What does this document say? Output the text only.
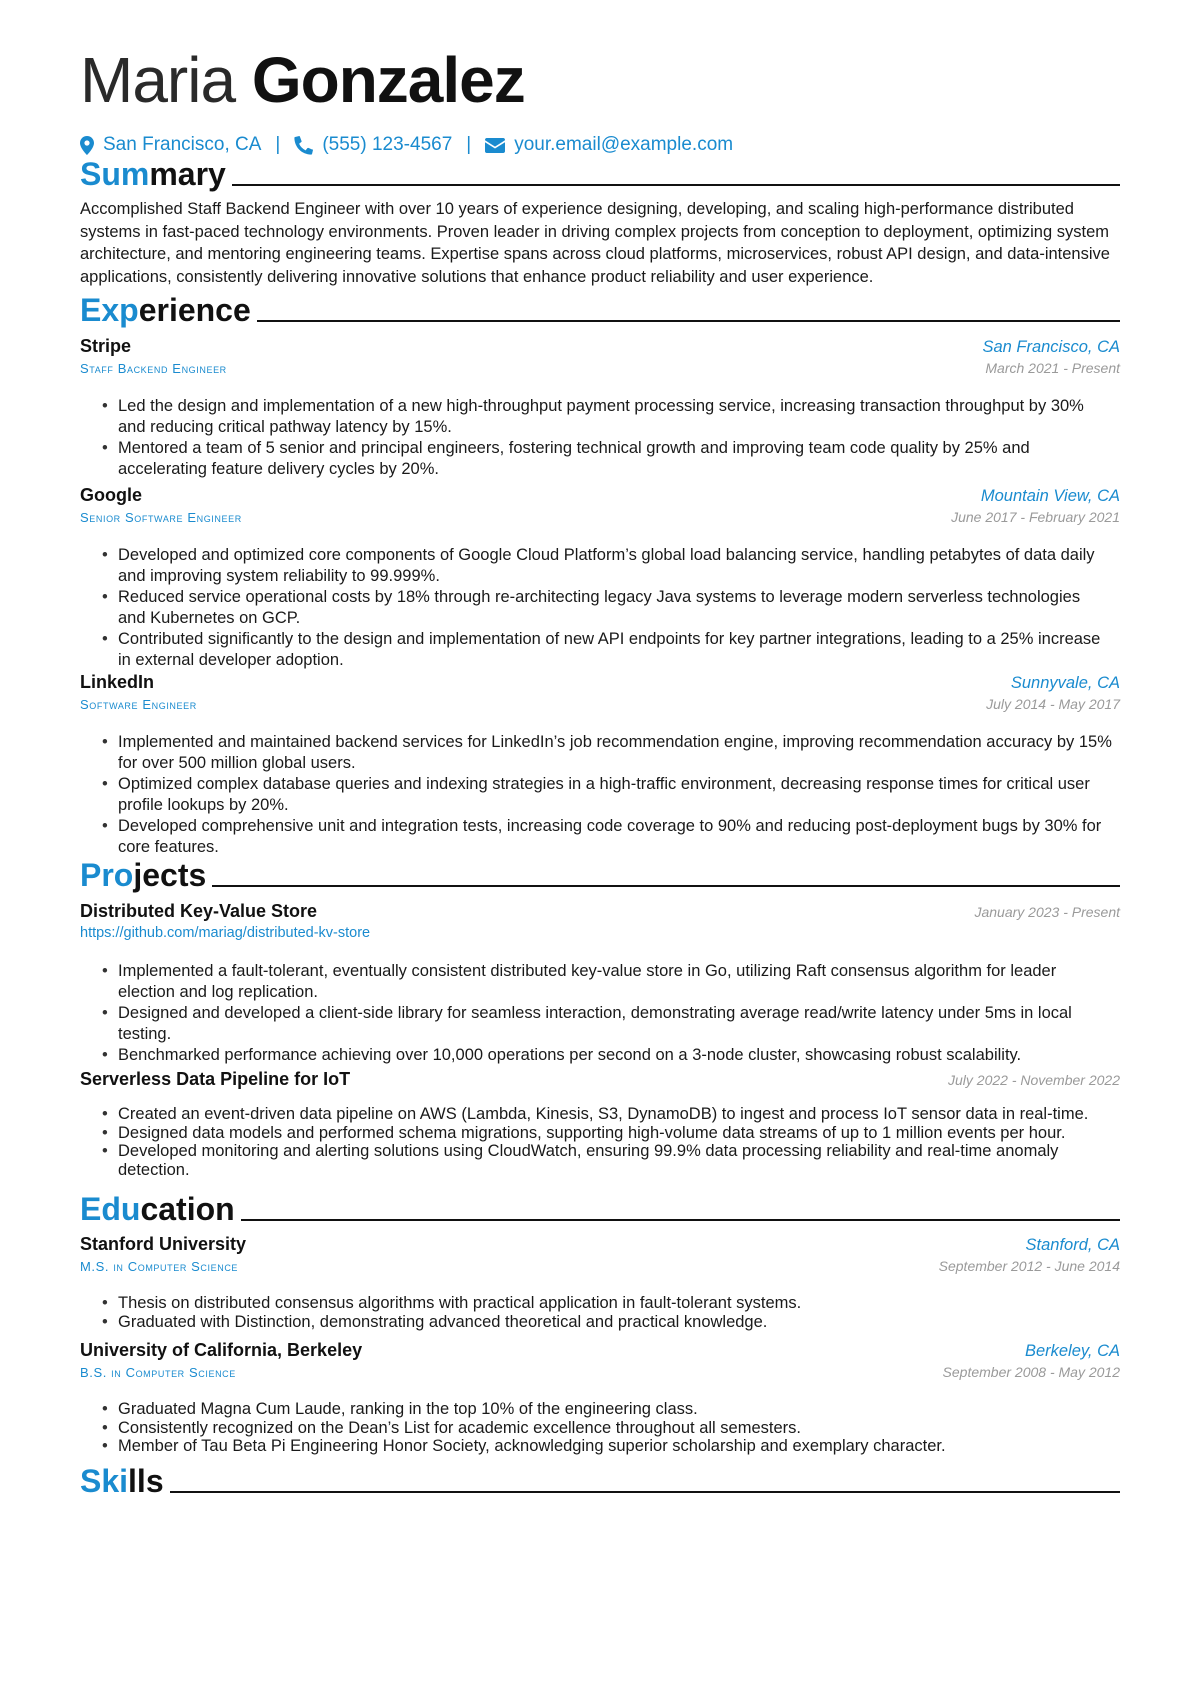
Maria Gonzalez
San Francisco, CA | (555) 123-4567 | your.email@example.com
Summary
Accomplished Staff Backend Engineer with over 10 years of experience designing, developing, and scaling high-performance distributed systems in fast-paced technology environments. Proven leader in driving complex projects from conception to deployment, optimizing system architecture, and mentoring engineering teams. Expertise spans across cloud platforms, microservices, robust API design, and data-intensive applications, consistently delivering innovative solutions that enhance product reliability and user experience.
Experience
Stripe	San Francisco, CA
Staff Backend Engineer	March 2021 - Present
• Led the design and implementation of a new high-throughput payment processing service, increasing transaction throughput by 30% and reducing critical pathway latency by 15%.
• Mentored a team of 5 senior and principal engineers, fostering technical growth and improving team code quality by 25% and accelerating feature delivery cycles by 20%.
Google	Mountain View, CA
Senior Software Engineer	June 2017 - February 2021
• Developed and optimized core components of Google Cloud Platform’s global load balancing service, handling petabytes of data daily and improving system reliability to 99.999%.
• Reduced service operational costs by 18% through re-architecting legacy Java systems to leverage modern serverless technologies and Kubernetes on GCP.
• Contributed significantly to the design and implementation of new API endpoints for key partner integrations, leading to a 25% increase in external developer adoption.
LinkedIn	Sunnyvale, CA
Software Engineer	July 2014 - May 2017
• Implemented and maintained backend services for LinkedIn’s job recommendation engine, improving recommendation accuracy by 15% for over 500 million global users.
• Optimized complex database queries and indexing strategies in a high-traffic environment, decreasing response times for critical user profile lookups by 20%.
• Developed comprehensive unit and integration tests, increasing code coverage to 90% and reducing post-deployment bugs by 30% for core features.
Projects
Distributed Key-Value Store	January 2023 - Present
https://github.com/mariag/distributed-kv-store
• Implemented a fault-tolerant, eventually consistent distributed key-value store in Go, utilizing Raft consensus algorithm for leader election and log replication.
• Designed and developed a client-side library for seamless interaction, demonstrating average read/write latency under 5ms in local testing.
• Benchmarked performance achieving over 10,000 operations per second on a 3-node cluster, showcasing robust scalability.
Serverless Data Pipeline for IoT	July 2022 - November 2022
• Created an event-driven data pipeline on AWS (Lambda, Kinesis, S3, DynamoDB) to ingest and process IoT sensor data in real-time.
• Designed data models and performed schema migrations, supporting high-volume data streams of up to 1 million events per hour.
• Developed monitoring and alerting solutions using CloudWatch, ensuring 99.9% data processing reliability and real-time anomaly detection.
Education
Stanford University	Stanford, CA
M.S. in Computer Science	September 2012 - June 2014
• Thesis on distributed consensus algorithms with practical application in fault-tolerant systems.
• Graduated with Distinction, demonstrating advanced theoretical and practical knowledge.
University of California, Berkeley	Berkeley, CA
B.S. in Computer Science	September 2008 - May 2012
• Graduated Magna Cum Laude, ranking in the top 10% of the engineering class.
• Consistently recognized on the Dean’s List for academic excellence throughout all semesters.
• Member of Tau Beta Pi Engineering Honor Society, acknowledging superior scholarship and exemplary character.
Skills
